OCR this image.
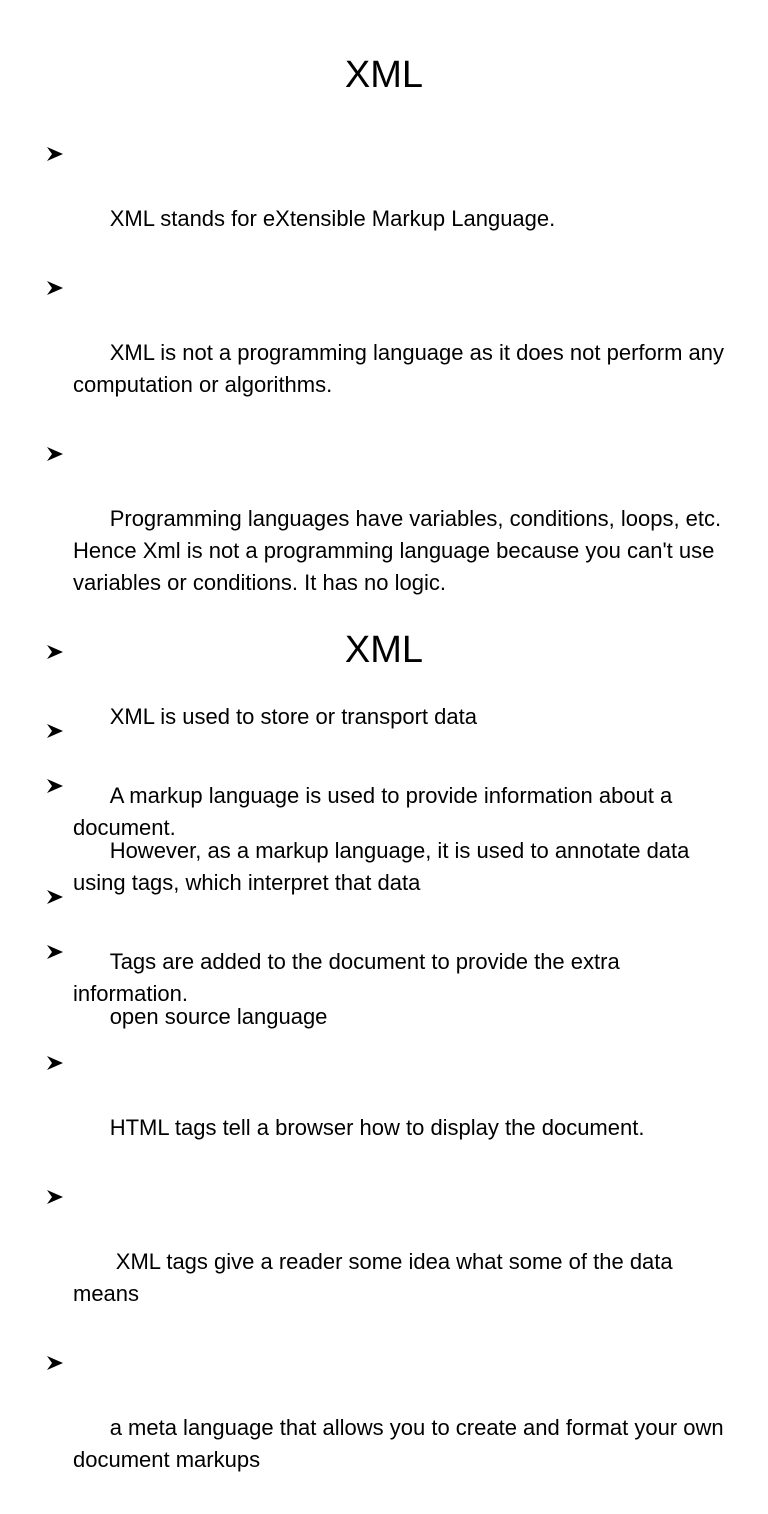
XML

XML stands for eXtensible Markup Language.

XML is not a programming language as it does not perform any computation or algorithms.

Programming languages have variables, conditions, loops, etc. Hence Xml is not a programming language because you can't use variables or conditions. It has no logic.

XML is used to store or transport data

However, as a markup language, it is used to annotate data using tags, which interpret that data

open source language

XML

A markup language is used to provide information about a document.

Tags are added to the document to provide the extra information.

HTML tags tell a browser how to display the document.

XML tags give a reader some idea what some of the data means

a meta language that allows you to create and format your own document markups
